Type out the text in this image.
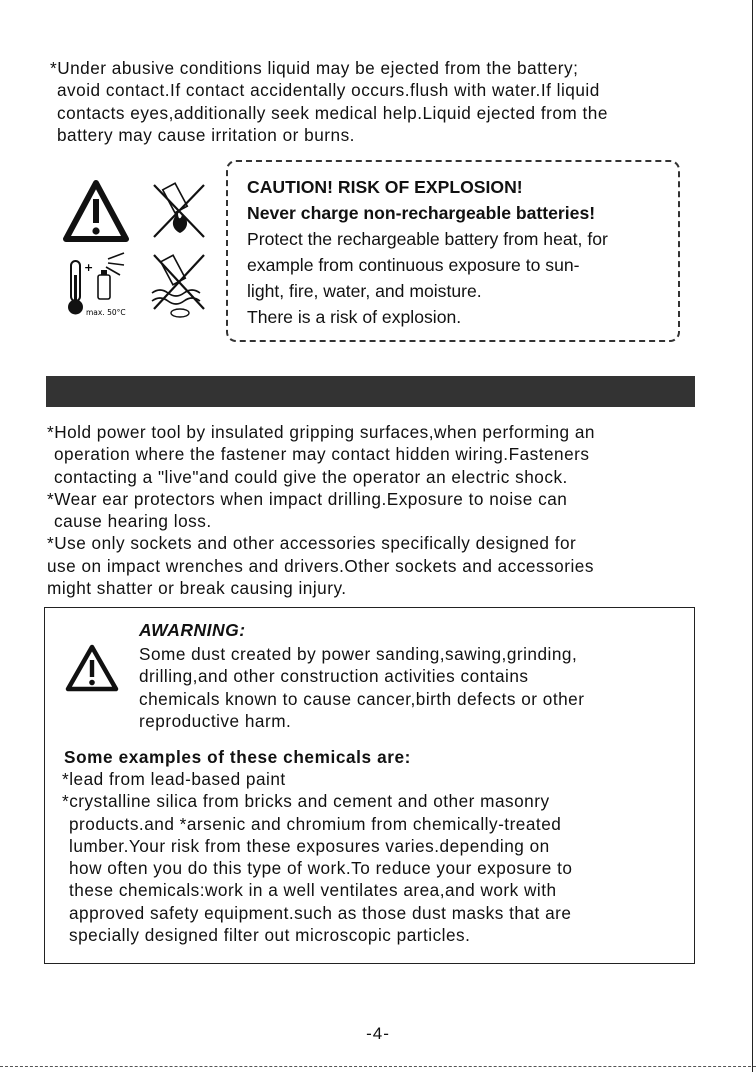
*Under abusive conditions liquid may be ejected from the battery;
avoid contact.If contact accidentally occurs.flush with water.If liquid
contacts eyes,additionally seek medical help.Liquid ejected from the
battery may cause irritation or burns.
+
max. 50°C
CAUTION! RISK OF EXPLOSION!
Never charge non-rechargeable batteries!
Protect the rechargeable battery from heat, for
example from continuous exposure to sun-
light, fire, water, and moisture.
There is a risk of explosion.
*Hold power tool by insulated gripping surfaces,when performing an
operation where the fastener may contact hidden wiring.Fasteners
contacting a "live"and could give the operator an electric shock.
*Wear ear protectors when impact drilling.Exposure to noise can
cause hearing loss.
*Use only sockets and other accessories specifically designed for
use on impact wrenches and drivers.Other sockets and accessories
might shatter or break causing injury.
AWARNING:
Some dust created by power sanding,sawing,grinding,
drilling,and other construction activities contains
chemicals known to cause cancer,birth defects or other
reproductive harm.
Some examples of these chemicals are:
*lead from lead-based paint
*crystalline silica from bricks and cement and other masonry
products.and *arsenic and chromium from chemically-treated
lumber.Your risk from these exposures varies.depending on
how often you do this type of work.To reduce your exposure to
these chemicals:work in a well ventilates area,and work with
approved safety equipment.such as those dust masks that are
specially designed filter out microscopic particles.
-4-
